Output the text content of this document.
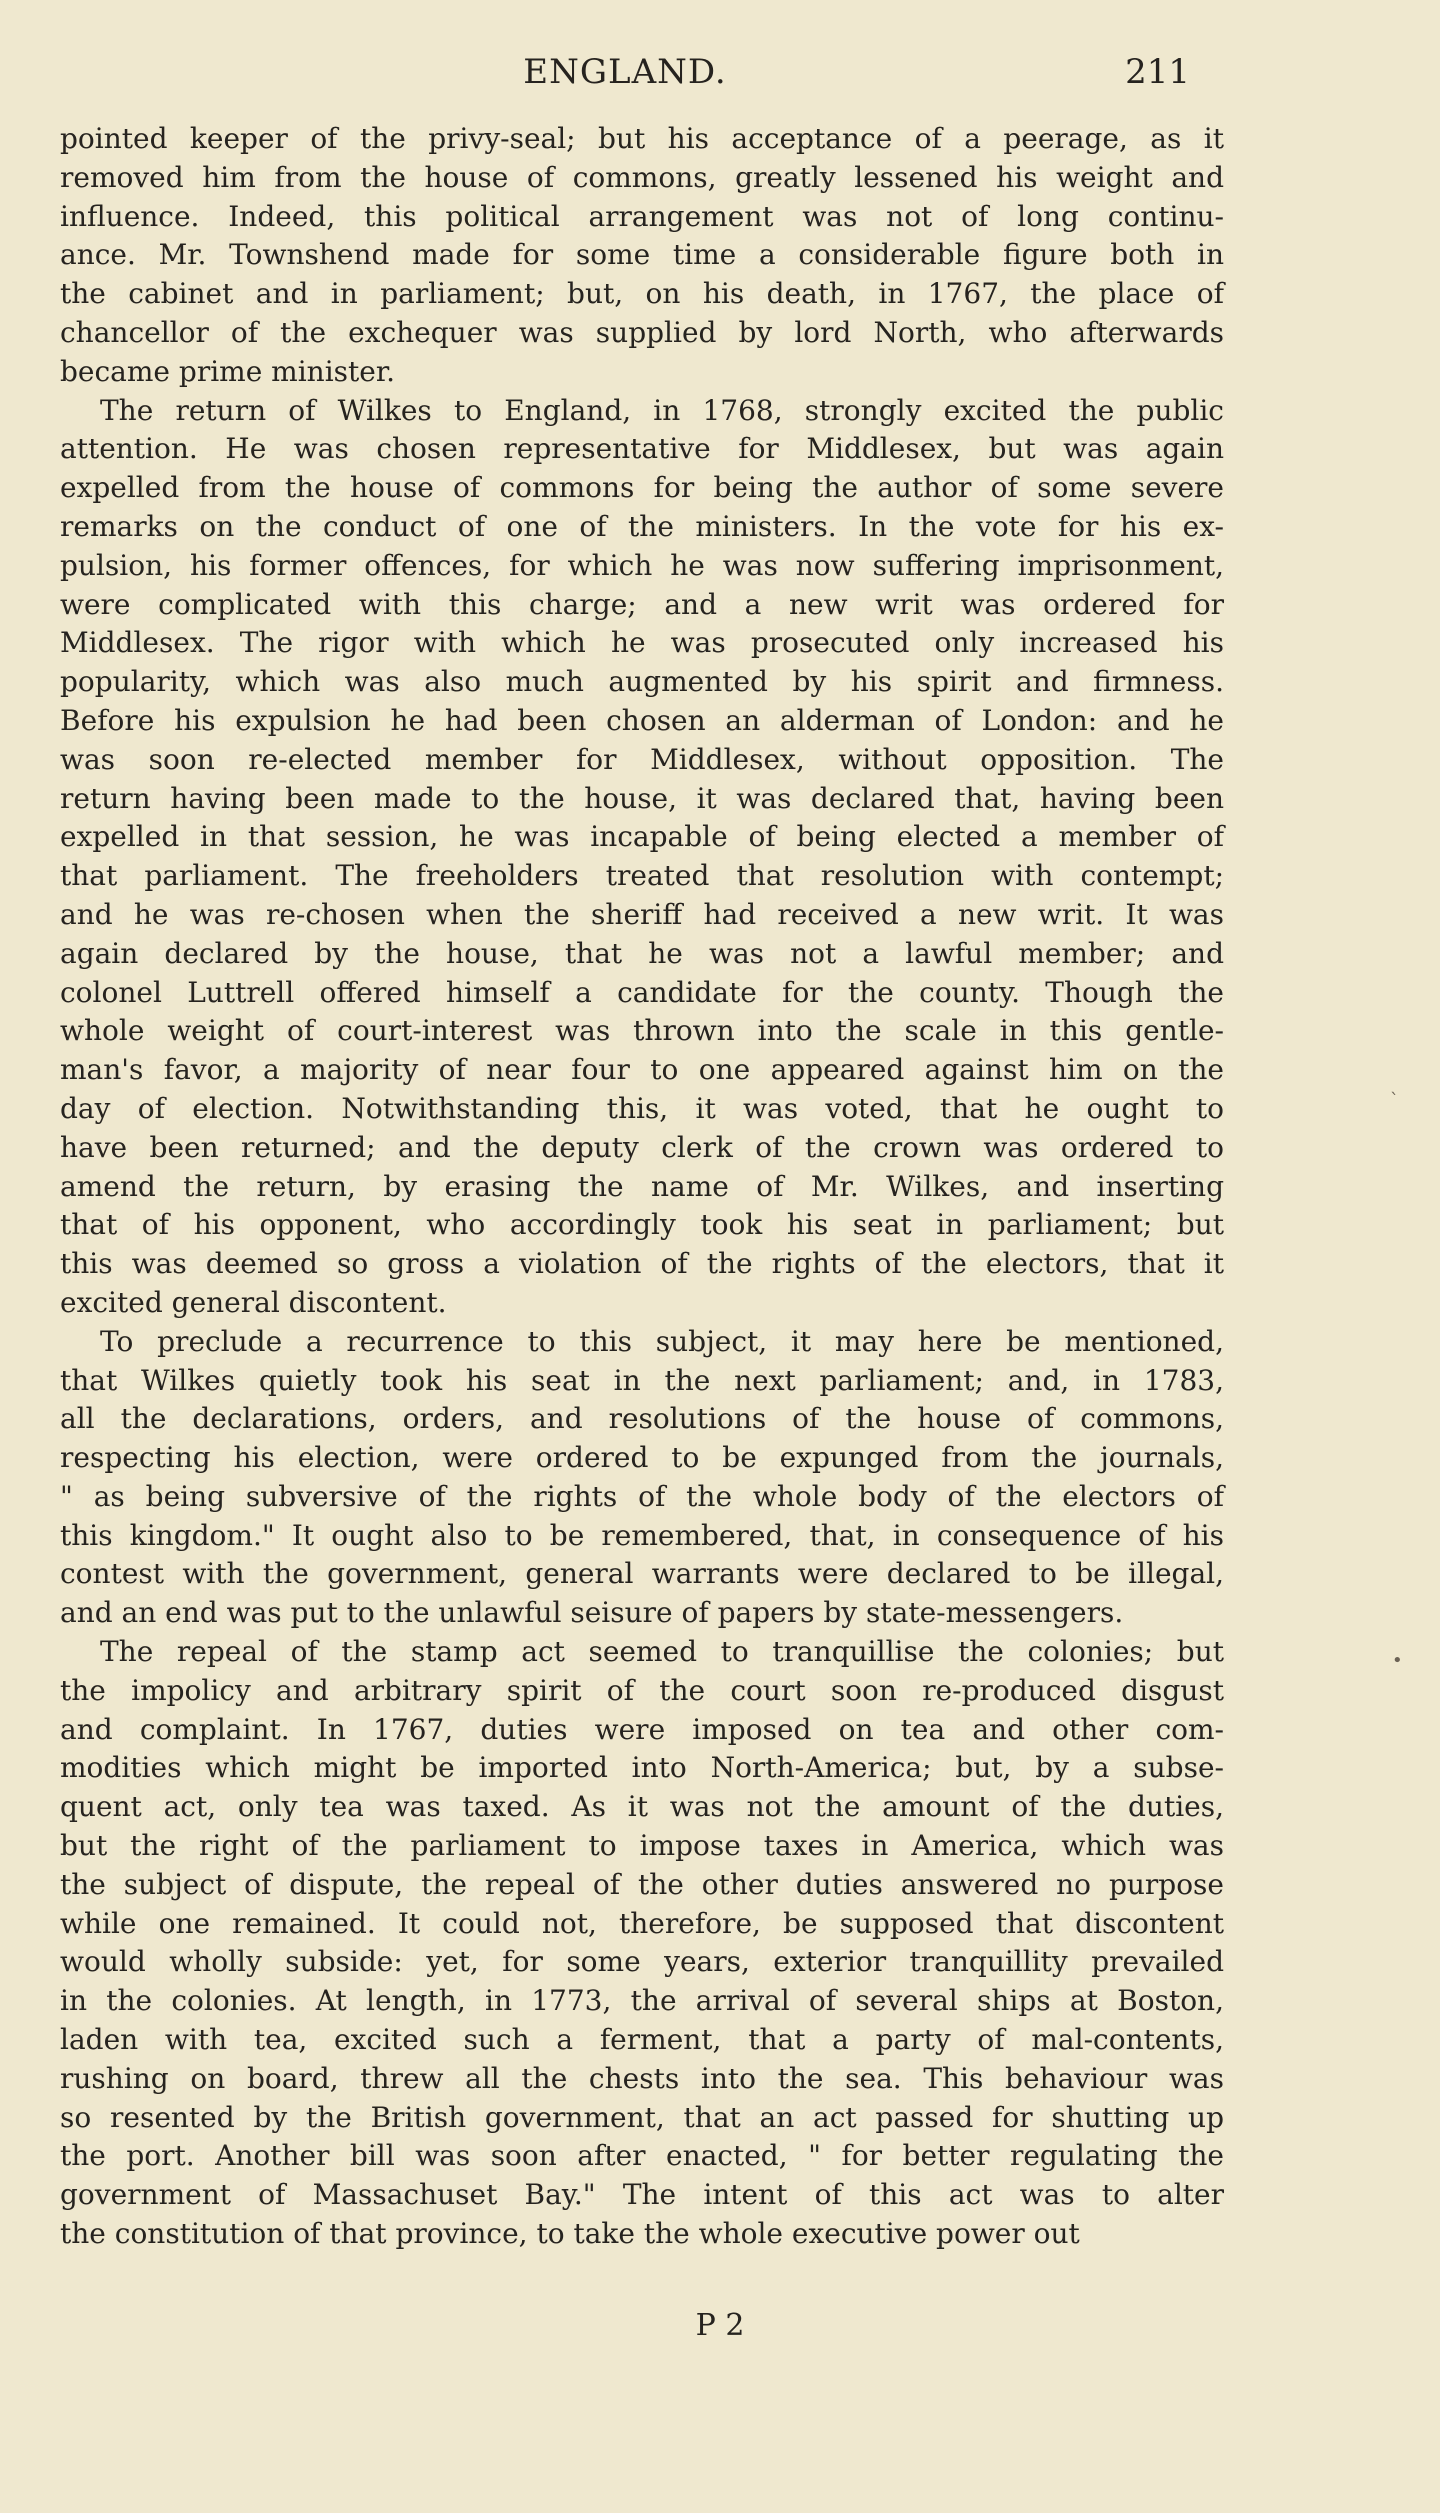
ENGLAND.	211
pointed keeper of the privy-seal; but his acceptance of a peerage, as it
removed him from the house of commons, greatly lessened his weight and
influence. Indeed, this political arrangement was not of long continu-
ance. Mr. Townshend made for some time a considerable figure both in
the cabinet and in parliament; but, on his death, in 1767, the place of
chancellor of the exchequer was supplied by lord North, who afterwards
became prime minister.
The return of Wilkes to England, in 1768, strongly excited the public
attention. He was chosen representative for Middlesex, but was again
expelled from the house of commons for being the author of some severe
remarks on the conduct of one of the ministers. In the vote for his ex-
pulsion, his former offences, for which he was now suffering imprisonment,
were complicated with this charge; and a new writ was ordered for
Middlesex. The rigor with which he was prosecuted only increased his
popularity, which was also much augmented by his spirit and firmness.
Before his expulsion he had been chosen an alderman of London: and he
was soon re-elected member for Middlesex, without opposition. The
return having been made to the house, it was declared that, having been
expelled in that session, he was incapable of being elected a member of
that parliament. The freeholders treated that resolution with contempt;
and he was re-chosen when the sheriff had received a new writ. It was
again declared by the house, that he was not a lawful member; and
colonel Luttrell offered himself a candidate for the county. Though the
whole weight of court-interest was thrown into the scale in this gentle-
man's favor, a majority of near four to one appeared against him on the
day of election. Notwithstanding this, it was voted, that he ought to
have been returned; and the deputy clerk of the crown was ordered to
amend the return, by erasing the name of Mr. Wilkes, and inserting
that of his opponent, who accordingly took his seat in parliament; but
this was deemed so gross a violation of the rights of the electors, that it
excited general discontent.
To preclude a recurrence to this subject, it may here be mentioned,
that Wilkes quietly took his seat in the next parliament; and, in 1783,
all the declarations, orders, and resolutions of the house of commons,
respecting his election, were ordered to be expunged from the journals,
" as being subversive of the rights of the whole body of the electors of
this kingdom." It ought also to be remembered, that, in consequence of his
contest with the government, general warrants were declared to be illegal,
and an end was put to the unlawful seisure of papers by state-messengers.
The repeal of the stamp act seemed to tranquillise the colonies; but
the impolicy and arbitrary spirit of the court soon re-produced disgust
and complaint. In 1767, duties were imposed on tea and other com-
modities which might be imported into North-America; but, by a subse-
quent act, only tea was taxed. As it was not the amount of the duties,
but the right of the parliament to impose taxes in America, which was
the subject of dispute, the repeal of the other duties answered no purpose
while one remained. It could not, therefore, be supposed that discontent
would wholly subside: yet, for some years, exterior tranquillity prevailed
in the colonies. At length, in 1773, the arrival of several ships at Boston,
laden with tea, excited such a ferment, that a party of mal-contents,
rushing on board, threw all the chests into the sea. This behaviour was
so resented by the British government, that an act passed for shutting up
the port. Another bill was soon after enacted, " for better regulating the
government of Massachuset Bay." The intent of this act was to alter
the constitution of that province, to take the whole executive power out
P 2
`
•
